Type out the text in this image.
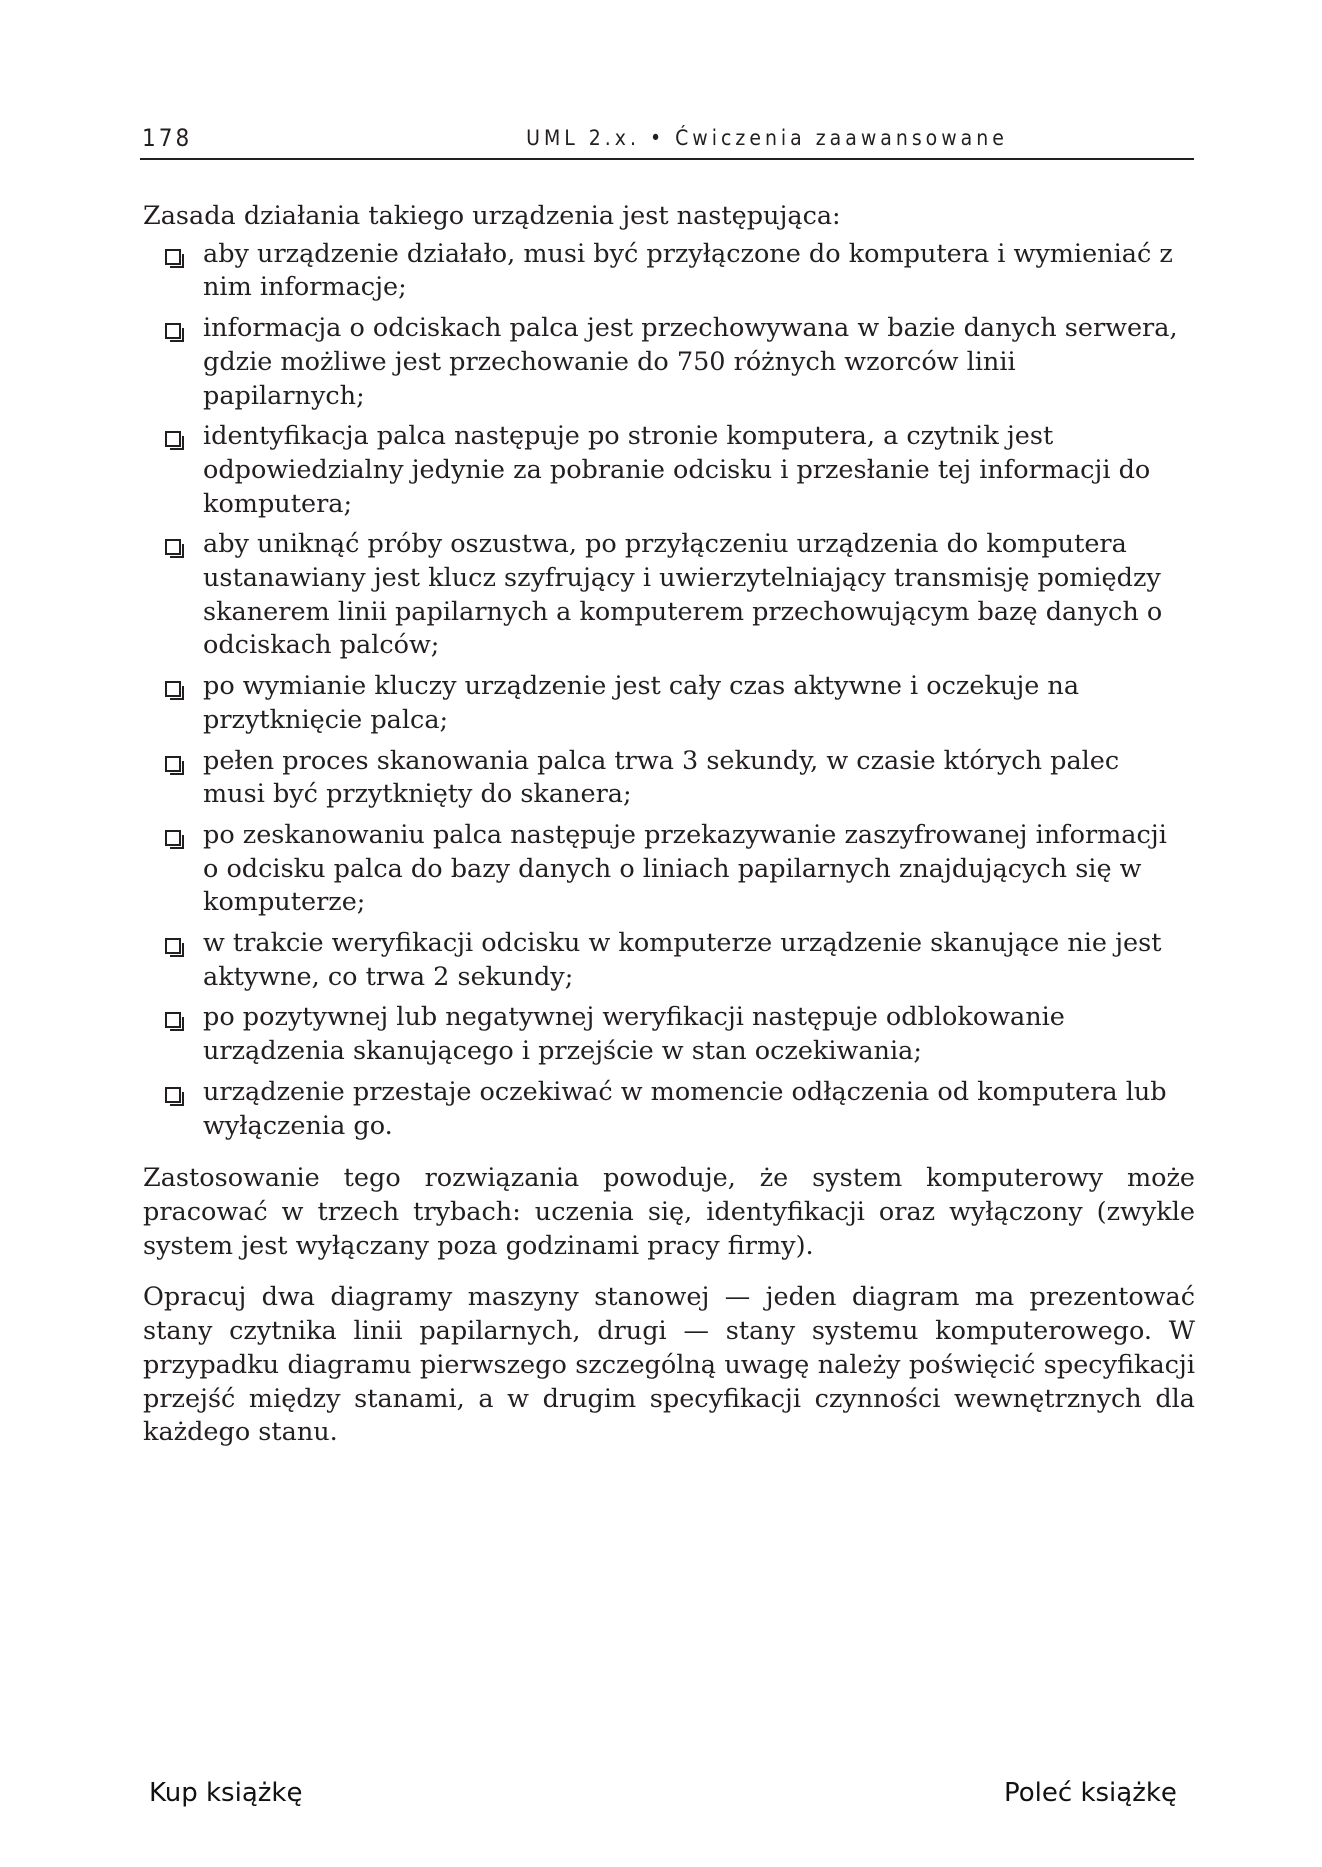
178	UML 2.x. • Ćwiczenia zaawansowane

Zasada działania takiego urządzenia jest następująca:

aby urządzenie działało, musi być przyłączone do komputera i wymieniać z nim informacje;
informacja o odciskach palca jest przechowywana w bazie danych serwera, gdzie możliwe jest przechowanie do 750 różnych wzorców linii papilarnych;
identyfikacja palca następuje po stronie komputera, a czytnik jest odpowiedzialny jedynie za pobranie odcisku i przesłanie tej informacji do komputera;
aby uniknąć próby oszustwa, po przyłączeniu urządzenia do komputera ustanawiany jest klucz szyfrujący i uwierzytelniający transmisję pomiędzy skanerem linii papilarnych a komputerem przechowującym bazę danych o odciskach palców;
po wymianie kluczy urządzenie jest cały czas aktywne i oczekuje na przytknięcie palca;
pełen proces skanowania palca trwa 3 sekundy, w czasie których palec musi być przytknięty do skanera;
po zeskanowaniu palca następuje przekazywanie zaszyfrowanej informacji o odcisku palca do bazy danych o liniach papilarnych znajdujących się w komputerze;
w trakcie weryfikacji odcisku w komputerze urządzenie skanujące nie jest aktywne, co trwa 2 sekundy;
po pozytywnej lub negatywnej weryfikacji następuje odblokowanie urządzenia skanującego i przejście w stan oczekiwania;
urządzenie przestaje oczekiwać w momencie odłączenia od komputera lub wyłączenia go.

Zastosowanie tego rozwiązania powoduje, że system komputerowy może pracować w trzech trybach: uczenia się, identyfikacji oraz wyłączony (zwykle system jest wyłączany poza godzinami pracy firmy).

Opracuj dwa diagramy maszyny stanowej — jeden diagram ma prezentować stany czytnika linii papilarnych, drugi — stany systemu komputerowego. W przypadku diagramu pierwszego szczególną uwagę należy poświęcić specyfikacji przejść między stanami, a w drugim specyfikacji czynności wewnętrznych dla każdego stanu.

Kup książkę	Poleć książkę
